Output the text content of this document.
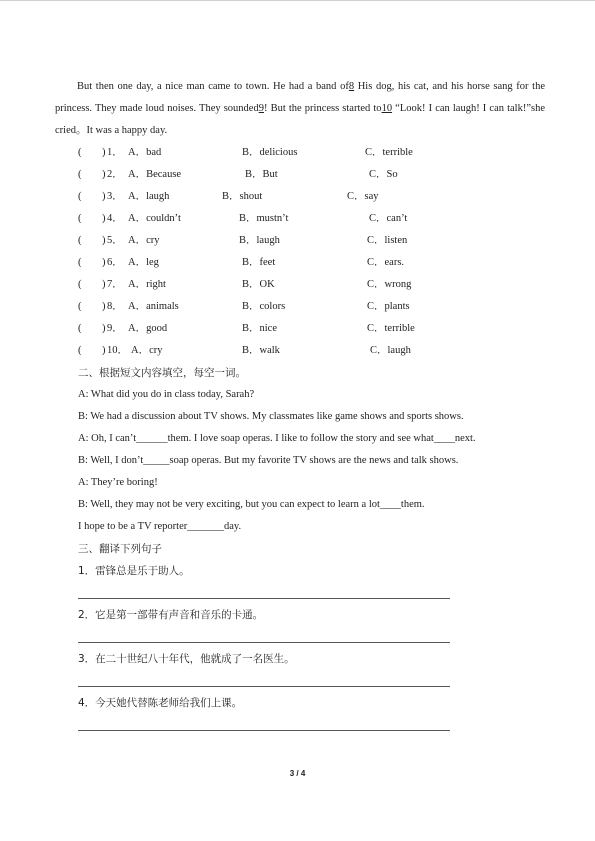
But then one day, a nice man came to town. He had a band of8 His dog, his cat, and his horse sang for the princess. They made loud noises. They sounded9! But the princess started to10 “Look! I can laugh! I can talk!”she cried。It was a happy day.

( ) 1． A．bad	B．delicious	C．terrible
( ) 2． A．Because	B．But	C．So
( ) 3． A．laugh	B．shout	C．say
( ) 4． A．couldn’t	B．mustn’t	C．can’t
( ) 5． A．cry	B．laugh	C．listen
( ) 6． A．leg	B．feet	C．ears.
( ) 7． A．right	B．OK	C．wrong
( ) 8． A．animals	B．colors	C．plants
( ) 9． A．good	B．nice	C．terrible
( ) 10． A．cry	B．walk	C．laugh
二、根据短文内容填空，每空一词。
A: What did you do in class today, Sarah?
B: We had a discussion about TV shows. My classmates like game shows and sports shows.
A: Oh, I can’t______them. I love soap operas. I like to follow the story and see what____next.
B: Well, I don’t_____soap operas. But my favorite TV shows are the news and talk shows.
A: They’re boring!
B: Well, they may not be very exciting, but you can expect to learn a lot____them.
I hope to be a TV reporter_______day.
三、翻译下列句子
1．雷锋总是乐于助人。
2．它是第一部带有声音和音乐的卡通。
3．在二十世纪八十年代，他就成了一名医生。
4．今天她代替陈老师给我们上课。
3 / 4
